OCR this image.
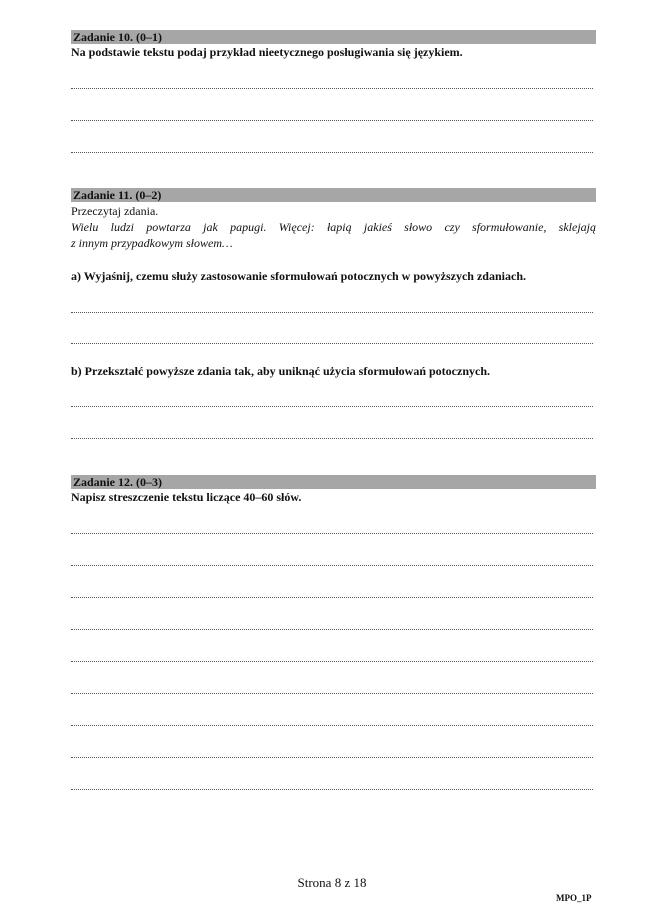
Zadanie 10. (0–1)
Na podstawie tekstu podaj przykład nieetycznego posługiwania się językiem.
Zadanie 11. (0–2)
Przeczytaj zdania.
Wielu ludzi powtarza jak papugi. Więcej: łapią jakieś słowo czy sformułowanie, sklejają
z innym przypadkowym słowem…
a) Wyjaśnij, czemu służy zastosowanie sformułowań potocznych w powyższych zdaniach.
b) Przekształć powyższe zdania tak, aby uniknąć użycia sformułowań potocznych.
Zadanie 12. (0–3)
Napisz streszczenie tekstu liczące 40–60 słów.
Strona 8 z 18
MPO_1P
